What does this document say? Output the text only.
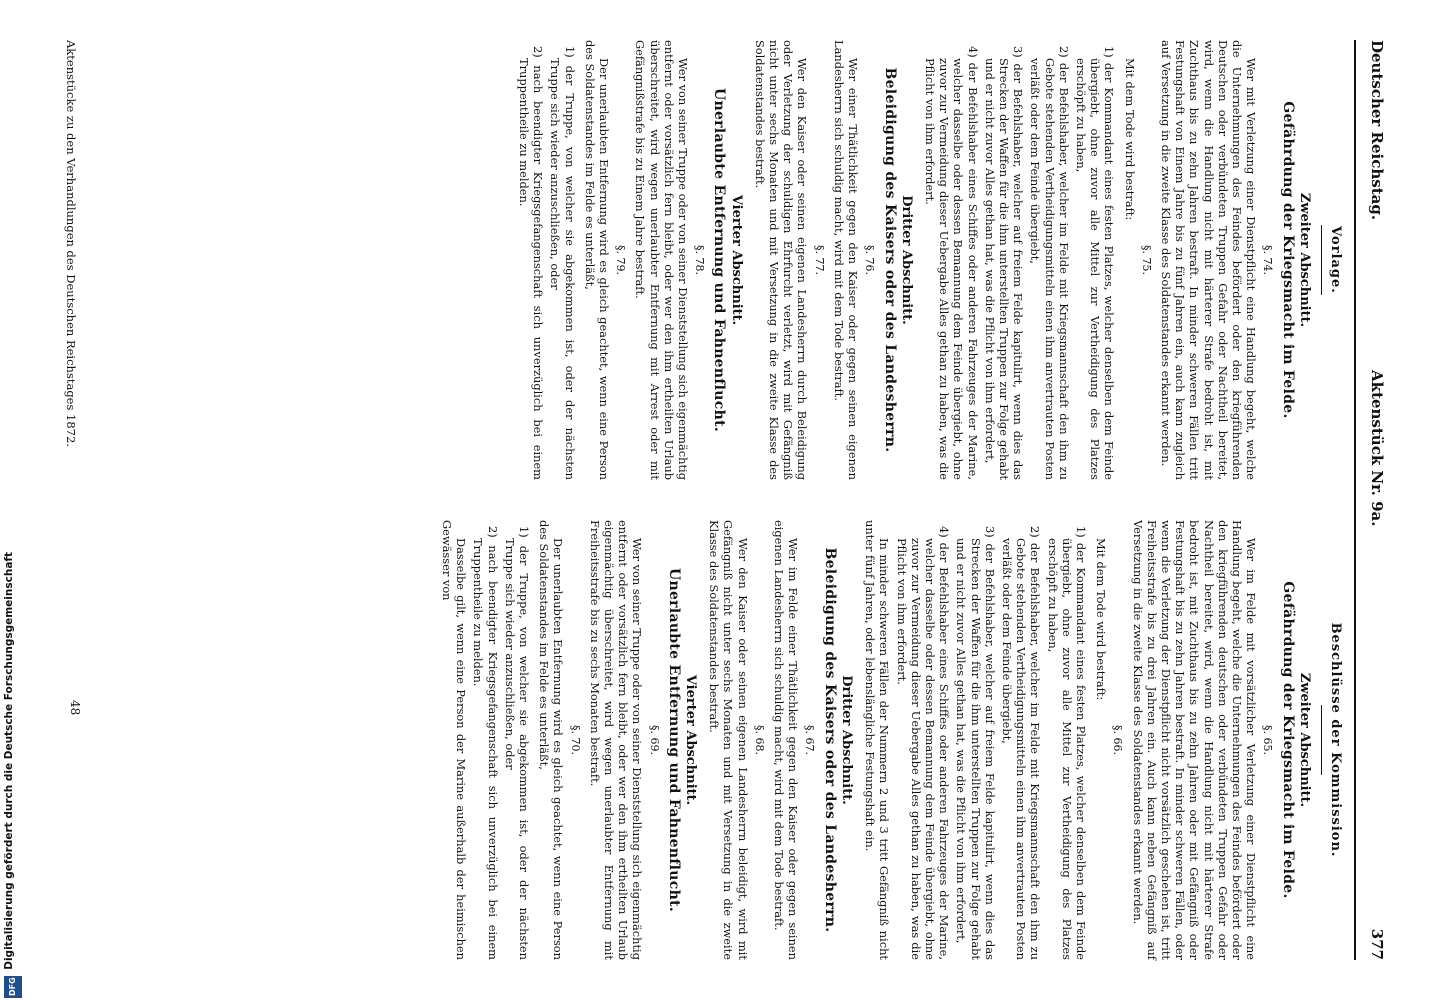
Deutscher Reichstag.
Aktenstück Nr. 9a.
377
Vorlage.
Zweiter Abschnitt.
Gefährdung der Kriegsmacht im Felde.
§. 74.

Wer mit Verletzung einer Dienstpflicht eine Handlung begeht, welche die Unternehmungen des Feindes befördert oder den kriegführenden Deutschen oder verbündeten Truppen Gefahr oder Nachtheil bereitet, wird, wenn die Handlung nicht mit härterer Strafe bedroht ist, mit Zuchthaus bis zu zehn Jahren bestraft. In minder schweren Fällen tritt Festungshaft von Einem Jahre bis zu fünf Jahren ein, auch kann zugleich auf Versetzung in die zweite Klasse des Soldatenstandes erkannt werden.

§. 75.

Mit dem Tode wird bestraft:

1) der Kommandant eines festen Platzes, welcher denselben dem Feinde übergiebt, ohne zuvor alle Mittel zur Vertheidigung des Platzes erschöpft zu haben,
2) der Befehlshaber, welcher im Felde mit Kriegsmannschaft den ihm zu Gebote stehenden Vertheidigungsmitteln einen ihm anvertrauten Posten verläßt oder dem Feinde übergiebt,
3) der Befehlshaber, welcher auf freiem Felde kapitulirt, wenn dies das Strecken der Waffen für die ihm unterstellten Truppen zur Folge gehabt und er nicht zuvor Alles gethan hat, was die Pflicht von ihm erfordert,
4) der Befehlshaber eines Schiffes oder anderen Fahrzeuges der Marine, welcher dasselbe oder dessen Bemannung dem Feinde übergiebt, ohne zuvor zur Vermeidung dieser Uebergabe Alles gethan zu haben, was die Pflicht von ihm erfordert.
Dritter Abschnitt.
Beleidigung des Kaisers oder des Landesherrn.
§. 76.

Wer einer Thätlichkeit gegen den Kaiser oder gegen seinen eigenen Landesherrn sich schuldig macht, wird mit dem Tode bestraft.

§. 77.

Wer den Kaiser oder seinen eigenen Landesherrn durch Beleidigung oder Verletzung der schuldigen Ehrfurcht verletzt, wird mit Gefängniß nicht unter sechs Monaten und mit Versetzung in die zweite Klasse des Soldatenstandes bestraft.

Vierter Abschnitt.
Unerlaubte Entfernung und Fahnenflucht.
§. 78.

Wer von seiner Truppe oder von seiner Dienststellung sich eigenmächtig entfernt oder vorsätzlich fern bleibt, oder wer den ihm ertheilten Urlaub überschreitet, wird wegen unerlaubter Entfernung mit Arrest oder mit Gefängnißstrafe bis zu Einem Jahre bestraft.

§. 79.

Der unerlaubten Entfernung wird es gleich geachtet, wenn eine Person des Soldatenstandes im Felde es unterläßt,

1) der Truppe, von welcher sie abgekommen ist, oder der nächsten Truppe sich wieder anzuschließen, oder
2) nach beendigter Kriegsgefangenschaft sich unverzüglich bei einem Truppentheile zu melden.
Beschlüsse der Kommission.
Zweiter Abschnitt.
Gefährdung der Kriegsmacht im Felde.
§. 65.

Wer im Felde mit vorsätzlicher Verletzung einer Dienstpflicht eine Handlung begeht, welche die Unternehmungen des Feindes befördert oder den kriegführenden deutschen oder verbündeten Truppen Gefahr oder Nachtheil bereitet, wird, wenn die Handlung nicht mit härterer Strafe bedroht ist, mit Zuchthaus bis zu zehn Jahren oder mit Gefängniß oder Festungshaft bis zu zehn Jahren bestraft. In minder schweren Fällen, oder wenn die Verletzung der Dienstpflicht nicht vorsätzlich geschehen ist, tritt Freiheitsstrafe bis zu drei Jahren ein. Auch kann neben Gefängniß auf Versetzung in die zweite Klasse des Soldatenstandes erkannt werden.

§. 66.

Mit dem Tode wird bestraft:

1) der Kommandant eines festen Platzes, welcher denselben dem Feinde übergiebt, ohne zuvor alle Mittel zur Vertheidigung des Platzes erschöpft zu haben,
2) der Befehlshaber, welcher im Felde mit Kriegsmannschaft den ihm zu Gebote stehenden Vertheidigungsmitteln einen ihm anvertrauten Posten verläßt oder dem Feinde übergiebt,
3) der Befehlshaber, welcher auf freiem Felde kapitulirt, wenn dies das Strecken der Waffen für die ihm unterstellten Truppen zur Folge gehabt und er nicht zuvor Alles gethan hat, was die Pflicht von ihm erfordert,
4) der Befehlshaber eines Schiffes oder anderen Fahrzeuges der Marine, welcher dasselbe oder dessen Bemannung dem Feinde übergiebt, ohne zuvor zur Vermeidung dieser Uebergabe Alles gethan zu haben, was die Pflicht von ihm erfordert.

In minder schweren Fällen der Nummern 2 und 3 tritt Gefängniß nicht unter fünf Jahren, oder lebenslängliche Festungshaft ein.

Dritter Abschnitt.
Beleidigung des Kaisers oder des Landesherrn.
§. 67.

Wer im Felde einer Thätlichkeit gegen den Kaiser oder gegen seinen eigenen Landesherrn sich schuldig macht, wird mit dem Tode bestraft.

§. 68.

Wer den Kaiser oder seinen eigenen Landesherrn beleidigt, wird mit Gefängniß nicht unter sechs Monaten und mit Versetzung in die zweite Klasse des Soldatenstandes bestraft.

Vierter Abschnitt.
Unerlaubte Entfernung und Fahnenflucht.
§. 69.

Wer von seiner Truppe oder von seiner Dienststellung sich eigenmächtig entfernt oder vorsätzlich fern bleibt, oder wer den ihm ertheilten Urlaub eigenmächtig überschreitet, wird wegen unerlaubter Entfernung mit Freiheitsstrafe bis zu sechs Monaten bestraft.

§. 70.

Der unerlaubten Entfernung wird es gleich geachtet, wenn eine Person des Soldatenstandes im Felde es unterläßt,

1) der Truppe, von welcher sie abgekommen ist, oder der nächsten Truppe sich wieder anzuschließen, oder
2) nach beendigter Kriegsgefangenschaft sich unverzüglich bei einem Truppentheile zu melden.

Dasselbe gilt, wenn eine Person der Marine außerhalb der heimischen Gewässer von

Aktenstücke zu den Verhandlungen des Deutschen Reichstages 1872.
48
Digitalisierung gefördert durch die Deutsche Forschungsgemeinschaft
DFG
